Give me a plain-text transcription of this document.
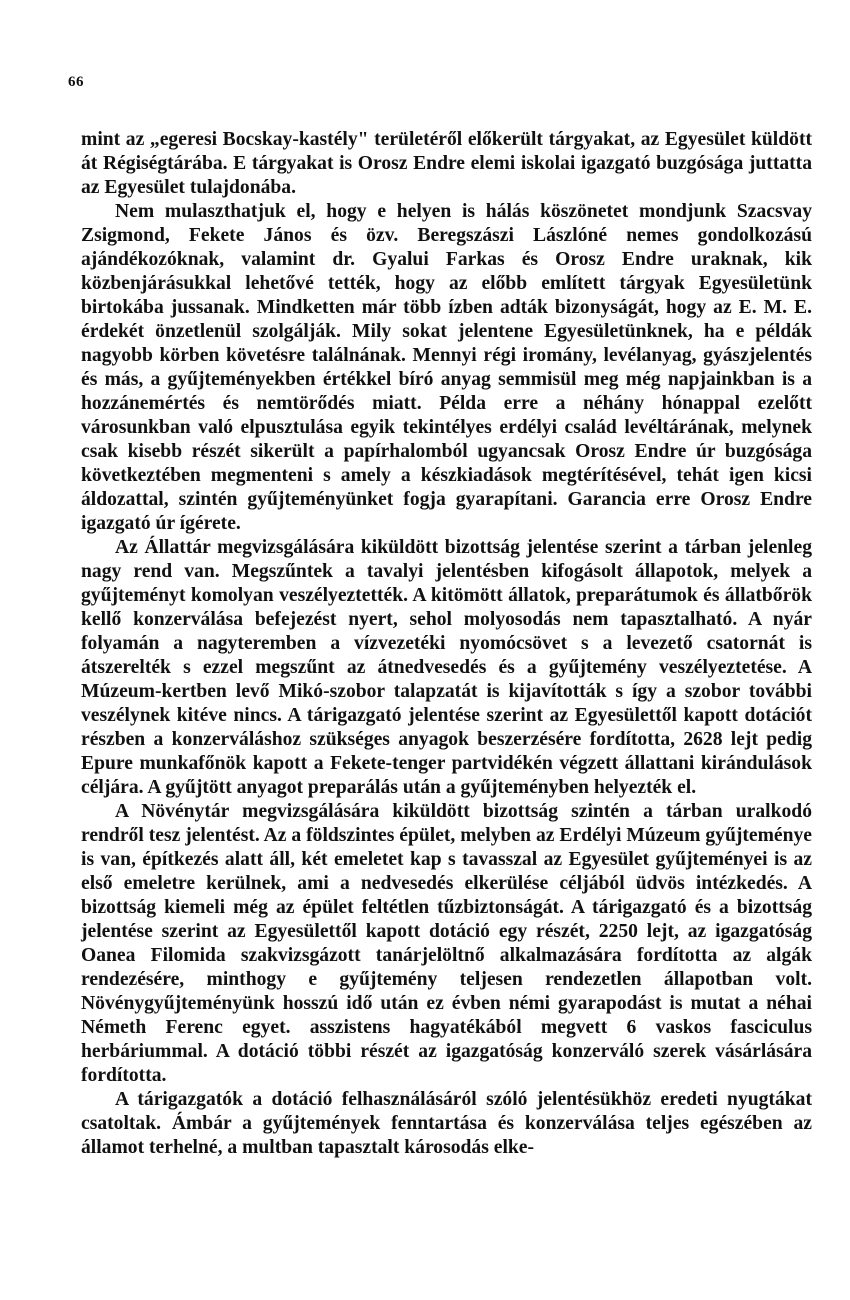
66

mint az „egeresi Bocskay-kastély" területéről előkerült tárgyakat, az Egyesület küldött át Régiségtárába. E tárgyakat is Orosz Endre elemi iskolai igazgató buzgósága juttatta az Egyesület tulajdonába.

Nem mulaszthatjuk el, hogy e helyen is hálás köszönetet mondjunk Szacsvay Zsigmond, Fekete János és özv. Beregszászi Lászlóné nemes gondolkozású ajándékozóknak, valamint dr. Gyalui Farkas és Orosz Endre uraknak, kik közbenjárásukkal lehetővé tették, hogy az előbb említett tárgyak Egyesületünk birtokába jussanak. Mindketten már több ízben adták bizonyságát, hogy az E. M. E. érdekét önzetlenül szolgálják. Mily sokat jelentene Egyesületünknek, ha e példák nagyobb körben követésre találnának. Mennyi régi iromány, levélanyag, gyászjelentés és más, a gyűjteményekben értékkel bíró anyag semmisül meg még napjainkban is a hozzánemértés és nemtörődés miatt. Példa erre a néhány hónappal ezelőtt városunkban való elpusztulása egyik tekintélyes erdélyi család levéltárának, melynek csak kisebb részét sikerült a papírhalomból ugyancsak Orosz Endre úr buzgósága következtében megmenteni s amely a készkiadások megtérítésével, tehát igen kicsi áldozattal, szintén gyűjteményünket fogja gyarapítani. Garancia erre Orosz Endre igazgató úr ígérete.

Az Állattár megvizsgálására kiküldött bizottság jelentése szerint a tárban jelenleg nagy rend van. Megszűntek a tavalyi jelentésben kifogásolt állapotok, melyek a gyűjteményt komolyan veszélyeztették. A kitömött állatok, preparátumok és állatbőrök kellő konzerválása befejezést nyert, sehol molyosodás nem tapasztalható. A nyár folyamán a nagyteremben a vízvezetéki nyomócsövet s a levezető csatornát is átszerelték s ezzel megszűnt az átnedvesedés és a gyűjtemény veszélyeztetése. A Múzeum-kertben levő Mikó-szobor talapzatát is kijavították s így a szobor további veszélynek kitéve nincs. A tárigazgató jelentése szerint az Egyesülettől kapott dotációt részben a konzerváláshoz szükséges anyagok beszerzésére fordította, 2628 lejt pedig Epure munkafőnök kapott a Fekete-tenger partvidékén végzett állattani kirándulások céljára. A gyűjtött anyagot preparálás után a gyűjteményben helyezték el.

A Növénytár megvizsgálására kiküldött bizottság szintén a tárban uralkodó rendről tesz jelentést. Az a földszintes épület, melyben az Erdélyi Múzeum gyűjteménye is van, építkezés alatt áll, két emeletet kap s tavasszal az Egyesület gyűjteményei is az első emeletre kerülnek, ami a nedvesedés elkerülése céljából üdvös intézkedés. A bizottság kiemeli még az épület feltétlen tűzbiztonságát. A tárigazgató és a bizottság jelentése szerint az Egyesülettől kapott dotáció egy részét, 2250 lejt, az igazgatóság Oanea Filomida szakvizsgázott tanárjelöltnő alkalmazására fordította az algák rendezésére, minthogy e gyűjtemény teljesen rendezetlen állapotban volt. Növénygyűjteményünk hosszú idő után ez évben némi gyarapodást is mutat a néhai Németh Ferenc egyet. asszistens hagyatékából megvett 6 vaskos fasciculus herbáriummal. A dotáció többi részét az igazgatóság konzerváló szerek vásárlására fordította.

A tárigazgatók a dotáció felhasználásáról szóló jelentésükhöz eredeti nyugtákat csatoltak. Ámbár a gyűjtemények fenntartása és konzerválása teljes egészében az államot terhelné, a multban tapasztalt károsodás elke-
